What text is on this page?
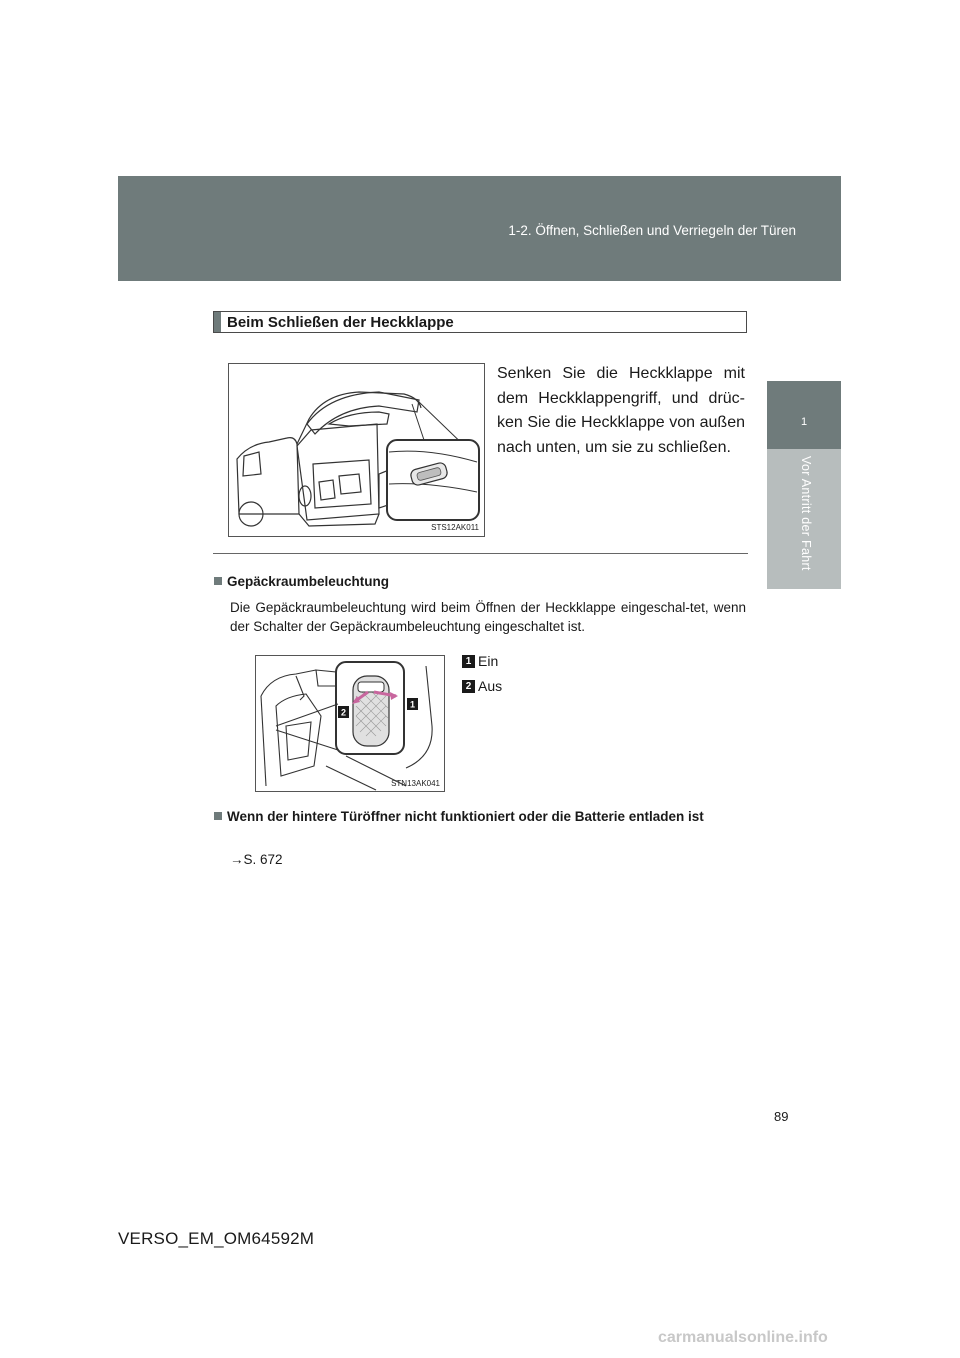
1-2. Öffnen, Schließen und Verriegeln der Türen
1
Vor Antritt der Fahrt
Beim Schließen der Heckklappe
STS12AK011
Senken Sie die Heckklappe mit dem Heckklappengriff, und drüc-ken Sie die Heckklappe von außen nach unten, um sie zu schließen.
Gepäckraumbeleuchtung
Die Gepäckraumbeleuchtung wird beim Öffnen der Heckklappe eingeschal-tet, wenn der Schalter der Gepäckraumbeleuchtung eingeschaltet ist.
2
1
STN13AK041
1 Ein
2 Aus
Wenn der hintere Türöffner nicht funktioniert oder die Batterie entladen ist
→S. 672
89
VERSO_EM_OM64592M
carmanualsonline.info
